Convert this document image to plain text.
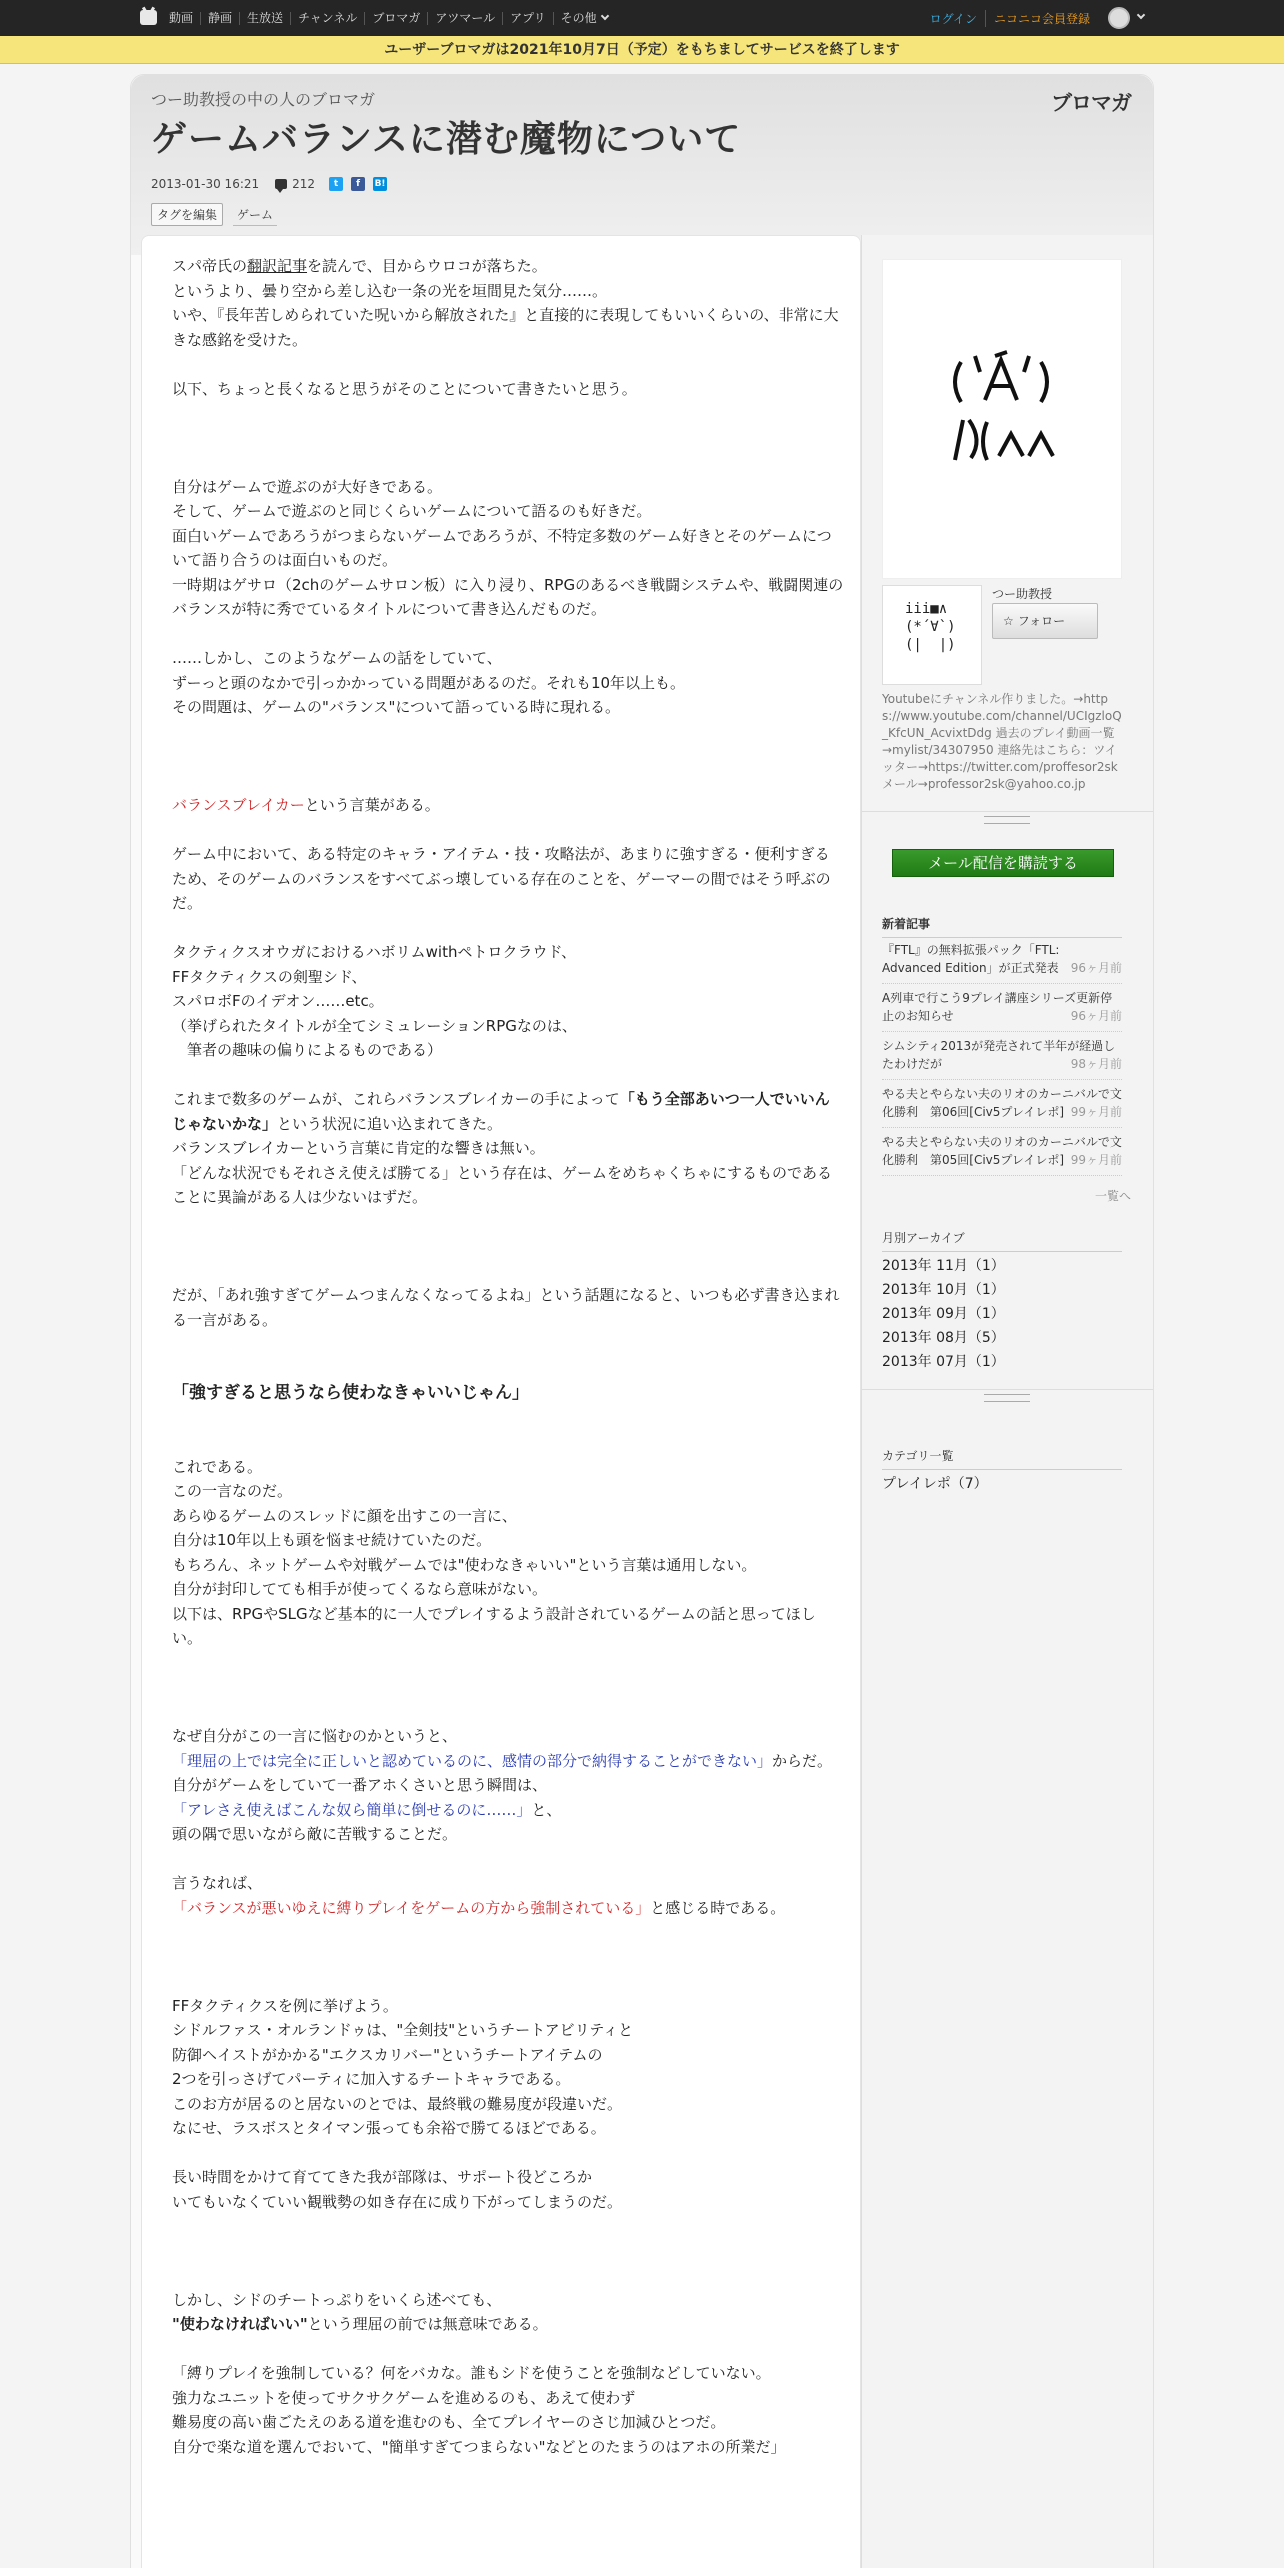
動画	静画	生放送	チャンネル	ブロマガ	アツマール	アプリ	その他	ログイン	ニコニコ会員登録
ユーザーブロマガは2021年10月7日（予定）をもちましてサービスを終了します
つー助教授の中の人のブロマガ	ブロマガ
ゲームバランスに潜む魔物について
2013-01-30 16:21	212	t	f	B!
タグを編集	ゲーム

スパ帝氏の翻訳記事を読んで、目からウロコが落ちた。
というより、曇り空から差し込む一条の光を垣間見た気分……。
いや、『長年苦しめられていた呪いから解放された』と直接的に表現してもいいくらいの、非常に大きな感銘を受けた。

以下、ちょっと長くなると思うがそのことについて書きたいと思う。

自分はゲームで遊ぶのが大好きである。
そして、ゲームで遊ぶのと同じくらいゲームについて語るのも好きだ。
面白いゲームであろうがつまらないゲームであろうが、不特定多数のゲーム好きとそのゲームについて語り合うのは面白いものだ。
一時期はゲサロ（2chのゲームサロン板）に入り浸り、RPGのあるべき戦闘システムや、戦闘関連のバランスが特に秀でているタイトルについて書き込んだものだ。

……しかし、このようなゲームの話をしていて、
ずーっと頭のなかで引っかかっている問題があるのだ。それも10年以上も。
その問題は、ゲームの"バランス"について語っている時に現れる。

バランスブレイカーという言葉がある。

ゲーム中において、ある特定のキャラ・アイテム・技・攻略法が、あまりに強すぎる・便利すぎるため、そのゲームのバランスをすべてぶっ壊している存在のことを、ゲーマーの間ではそう呼ぶのだ。

タクティクスオウガにおけるハボリムwithペトロクラウド、
FFタクティクスの剣聖シド、
スパロボFのイデオン……etc。
（挙げられたタイトルが全てシミュレーションRPGなのは、
　筆者の趣味の偏りによるものである）

これまで数多のゲームが、これらバランスブレイカーの手によって「もう全部あいつ一人でいいんじゃないかな」という状況に追い込まれてきた。
バランスブレイカーという言葉に肯定的な響きは無い。
「どんな状況でもそれさえ使えば勝てる」という存在は、ゲームをめちゃくちゃにするものであることに異論がある人は少ないはずだ。

だが、「あれ強すぎてゲームつまんなくなってるよね」という話題になると、いつも必ず書き込まれる一言がある。

「強すぎると思うなら使わなきゃいいじゃん」

これである。
この一言なのだ。
あらゆるゲームのスレッドに顔を出すこの一言に、
自分は10年以上も頭を悩ませ続けていたのだ。
もちろん、ネットゲームや対戦ゲームでは"使わなきゃいい"という言葉は通用しない。
自分が封印してても相手が使ってくるなら意味がない。
以下は、RPGやSLGなど基本的に一人でプレイするよう設計されているゲームの話と思ってほしい。

なぜ自分がこの一言に悩むのかというと、
「理屈の上では完全に正しいと認めているのに、感情の部分で納得することができない」からだ。
自分がゲームをしていて一番アホくさいと思う瞬間は、
「アレさえ使えばこんな奴ら簡単に倒せるのに……」と、
頭の隅で思いながら敵に苦戦することだ。

言うなれば、
「バランスが悪いゆえに縛りプレイをゲームの方から強制されている」と感じる時である。

FFタクティクスを例に挙げよう。
シドルファス・オルランドゥは、"全剣技"というチートアビリティと
防御ヘイストがかかる"エクスカリバー"というチートアイテムの
2つを引っさげてパーティに加入するチートキャラである。
このお方が居るのと居ないのとでは、最終戦の難易度が段違いだ。
なにせ、ラスボスとタイマン張っても余裕で勝てるほどである。

長い時間をかけて育ててきた我が部隊は、サポート役どころか
いてもいなくていい観戦勢の如き存在に成り下がってしまうのだ。

しかし、シドのチートっぷりをいくら述べても、
"使わなければいい"という理屈の前では無意味である。

「縛りプレイを強制している？何をバカな。誰もシドを使うことを強制などしていない。
強力なユニットを使ってサクサクゲームを進めるのも、あえて使わず
難易度の高い歯ごたえのある道を進むのも、全てプレイヤーのさじ加減ひとつだ。
自分で楽な道を選んでおいて、"簡単すぎてつまらない"などとのたまうのはアホの所業だ」

iii■∧
(*´∀`)
(|  |)
つー助教授
☆ フォロー
Youtubeにチャンネル作りました。→https://www.youtube.com/channel/UCIgzloQ_KfcUN_AcvixtDdg 過去のプレイ動画一覧→mylist/34307950 連絡先はこちら：ツイッター→https://twitter.com/proffesor2sk メール→professor2sk@yahoo.co.jp
メール配信を購読する
新着記事
『FTL』の無料拡張パック「FTL: Advanced Edition」が正式発表 96ヶ月前
A列車で行こう9プレイ講座シリーズ更新停止のお知らせ	96ヶ月前
シムシティ2013が発売されて半年が経過したわけだが	98ヶ月前
やる夫とやらない夫のリオのカーニバルで文化勝利　第06回[Civ5プレイレポ] 99ヶ月前
やる夫とやらない夫のリオのカーニバルで文化勝利　第05回[Civ5プレイレポ] 99ヶ月前
一覧へ
月別アーカイブ
2013年 11月（1）
2013年 10月（1）
2013年 09月（1）
2013年 08月（5）
2013年 07月（1）
カテゴリ一覧
プレイレポ（7）
